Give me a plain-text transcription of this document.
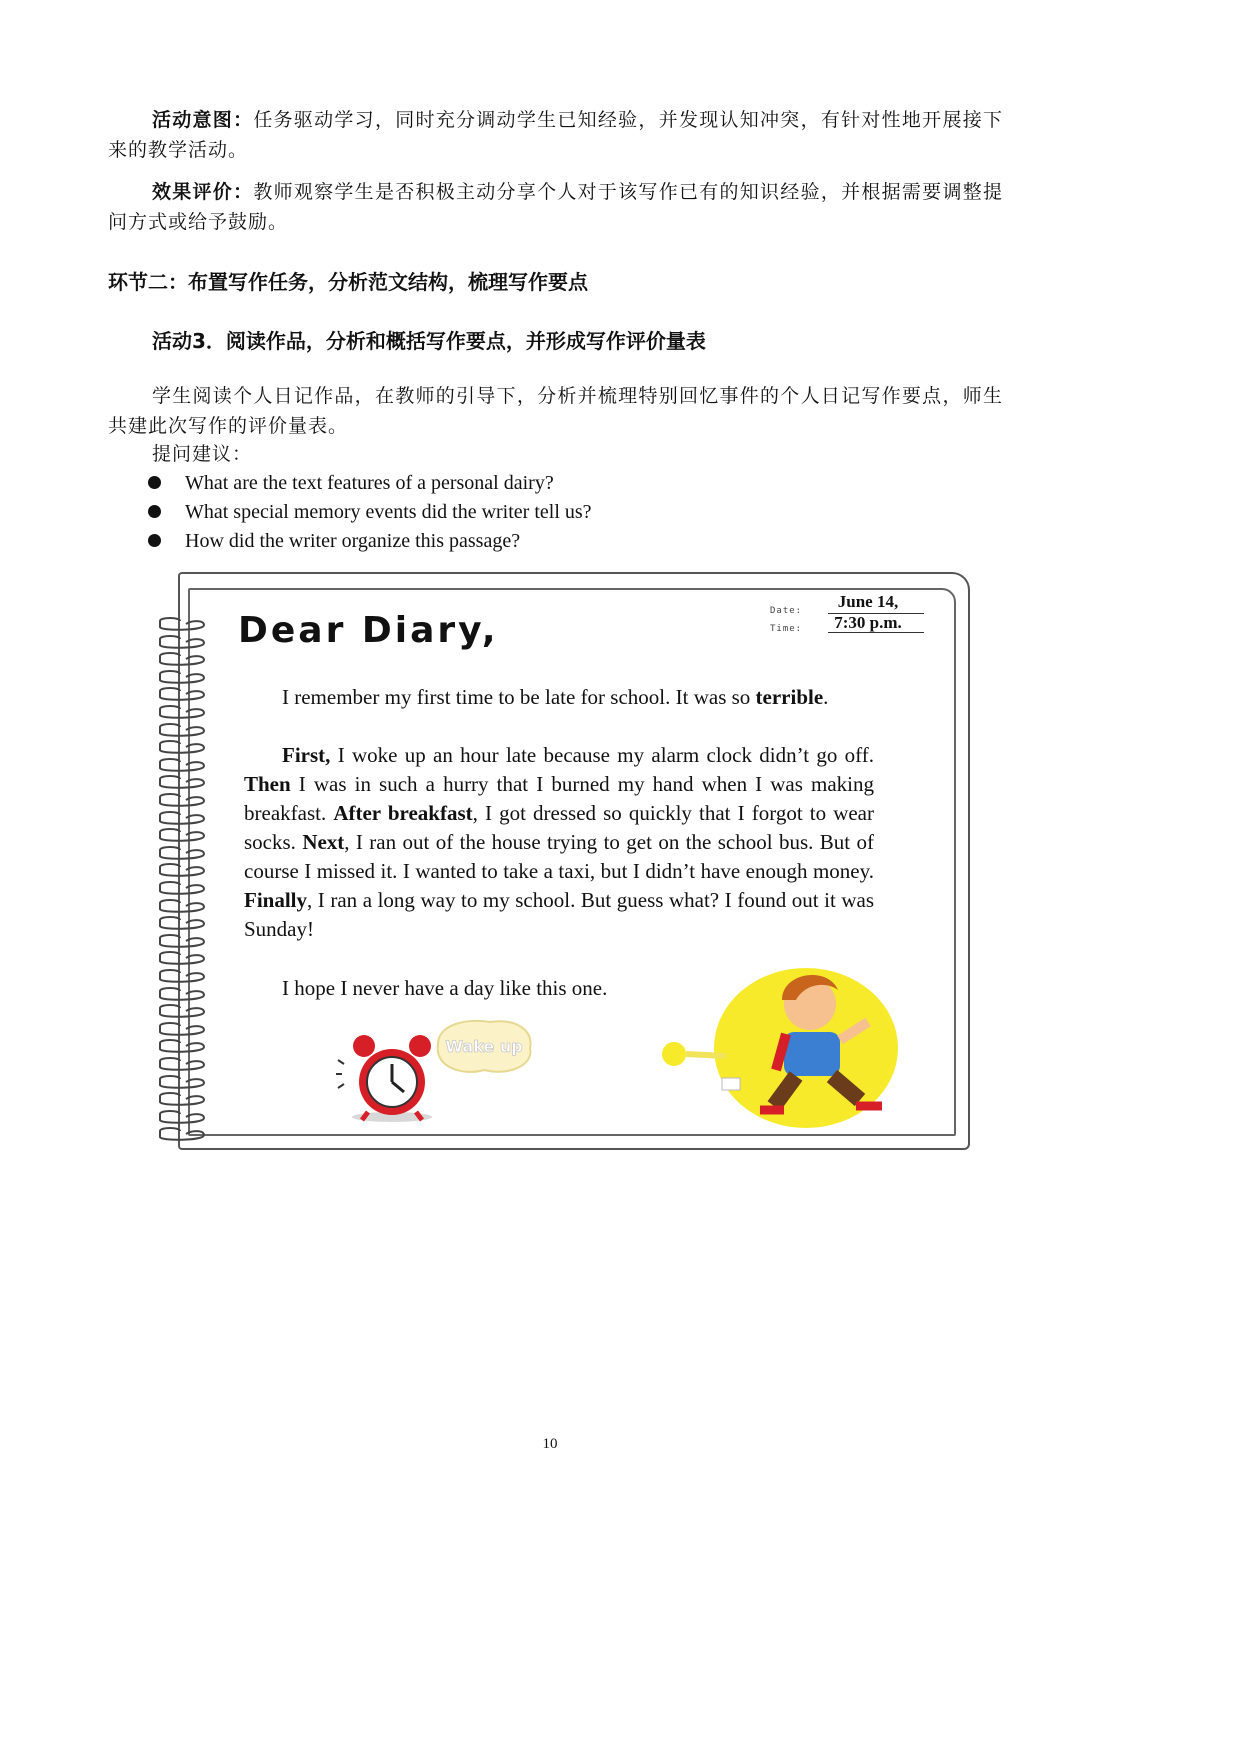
活动意图：任务驱动学习，同时充分调动学生已知经验，并发现认知冲突，有针对性地开展接下来的教学活动。
效果评价：教师观察学生是否积极主动分享个人对于该写作已有的知识经验，并根据需要调整提问方式或给予鼓励。
环节二：布置写作任务，分析范文结构，梳理写作要点
活动3．阅读作品，分析和概括写作要点，并形成写作评价量表
学生阅读个人日记作品，在教师的引导下，分析并梳理特别回忆事件的个人日记写作要点，师生共建此次写作的评价量表。
提问建议：
What are the text features of a personal dairy?
What special memory events did the writer tell us?
How did the writer organize this passage?
Dear Diary,	Date:
Time:
June 14,
7:30 p.m.
I remember my first time to be late for school. It was so terrible.
First, I woke up an hour late because my alarm clock didn’t go off. Then I was in such a hurry that I burned my hand when I was making breakfast. After breakfast, I got dressed so quickly that I forgot to wear socks. Next, I ran out of the house trying to get on the school bus. But of course I missed it. I wanted to take a taxi, but I didn’t have enough money. Finally, I ran a long way to my school. But guess what? I found out it was Sunday!
I hope I never have a day like this one.
Wake up
10
